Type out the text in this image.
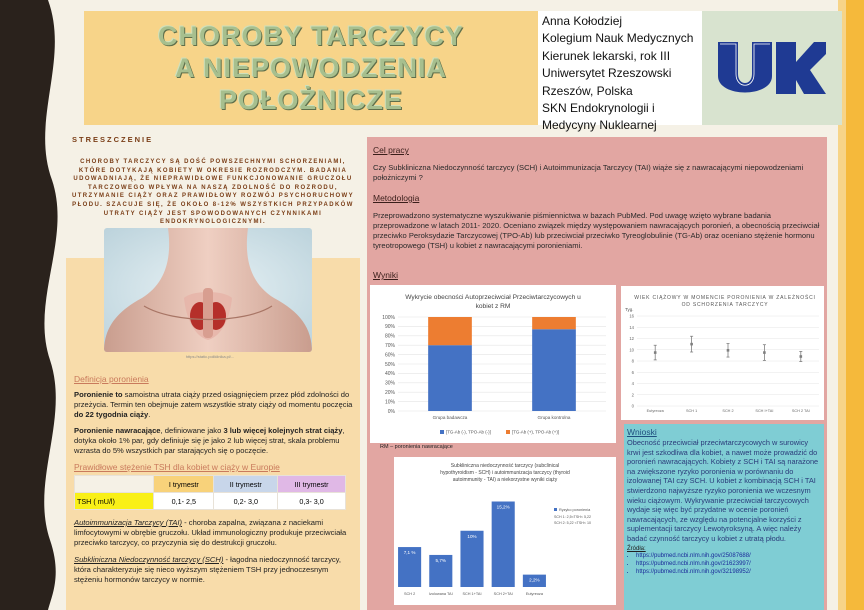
CHOROBY TARCZYCY
A NIEPOWODZENIA
POŁOŻNICZE
Anna Kołodziej
Kolegium Nauk Medycznych
Kierunek lekarski, rok III
Uniwersytet Rzeszowski
Rzeszów, Polska
SKN Endokrynologii i
Medycyny Nuklearnej
STRESZCZENIE

CHOROBY TARCZYCY SĄ DOŚĆ POWSZECHNYMI SCHORZENIAMI, KTÓRE DOTYKAJĄ KOBIETY W OKRESIE ROZRODCZYM. BADANIA UDOWADNIAJĄ, ŻE NIEPRAWIDŁOWE FUNKCJONOWANIE GRUCZOŁU TARCZOWEGO WPŁYWA NA NASZĄ ZDOLNOŚĆ DO ROZRODU, UTRZYMANIE CIĄŻY ORAZ PRAWIDŁOWY ROZWÓJ PSYCHORUCHOWY PŁODU. SZACUJE SIĘ, ŻE OKOŁO 8-12% WSZYSTKICH PRZYPADKÓW UTRATY CIĄŻY JEST SPOWODOWANYCH CZYNNIKAMI ENDOKRYNOLOGICZNYMI.

https://static.poliklinika.pl/...
Definicja poronienia
Poronienie to samoistna utrata ciąży przed osiągnięciem przez płód zdolności do przeżycia. Termin ten obejmuje zatem wszystkie straty ciąży od momentu poczęcia do 22 tygodnia ciąży.
Poronienie nawracające, definiowane jako 3 lub więcej kolejnych strat ciąży, dotyka około 1% par, gdy definiuje się je jako 2 lub więcej strat, skala problemu wzrasta do 5% wszystkich par starających się o poczęcie.
Prawidłowe stężenie TSH dla kobiet w ciąży w Europie
	I trymestr	II trymestr	III trymestr
TSH ( mU/l)	0,1- 2,5	0,2- 3,0	0,3- 3,0
Autoimmunizacja Tarczycy (TAI) - choroba zapalna, związana z naciekami limfocytowymi w obrębie gruczołu. Układ immunologiczny produkuje przeciwciała przeciwko tarczycy, co przyczynia się do destrukcji gruczołu.
Subkliniczna Niedoczynność tarczycy (SCH) - łagodna niedoczynność tarczycy, która charakteryzuje się nieco wyższym stężeniem TSH przy jednoczesnym stężeniu hormonów tarczycy w normie.
Cel pracy
Czy Subkliniczna Niedoczynność tarczycy (SCH) i Autoimmunizacja Tarczycy (TAI) wiąże się z nawracającymi niepowodzeniami położniczymi ?
Metodologia
Przeprowadzono systematyczne wyszukiwanie piśmiennictwa w bazach PubMed. Pod uwagę wzięto wybrane badania przeprowadzone w latach 2011- 2020. Oceniano związek między występowaniem nawracających poronień, a obecnością przeciwciał przeciwko Peroksydazie Tarczycowej (TPO-Ab) lub przeciwciał przeciwko Tyreoglobulinie (TG-Ab) oraz oceniano stężenie hormonu tyreotropowego (TSH) u kobiet z nawracającymi poronieniami.
Wyniki
Wykrycie obecności Autoprzeciwciał Przeciwtarczycowych u
kobiet z RM
0%
10%
20%
30%
40%
50%
60%
70%
80%
90%
100%
Grupa badawcza	Grupa kontrolna
[TG-Ab (-), TPO-Ab (-)]	[TG-Ab (+), TPO-Ab (+)]
RM – poronienia nawracające
WIEK CIĄŻOWY W MOMENCIE PORONIENIA W ZALEŻNOŚCI
OD SCHORZENIA TARCZYCY
Tyg.
0
2
4
6
8
10
12
14
16
Eutyreoza	SCH 1	SCH 2	SCH I+TAI	SCH 2 TAI
Subkliniczna niedoczynność tarczycy (subclinical
hypothyroidism - SCH) i autoimmunizacja tarczycy (thyroid
autoimmunity - TAI) a niekorzystne wyniki ciąży
7,1 %
SCH 2
5,7%
Izolowana TAI
10%
SCH 1+TAI
15,2%
SCH 2+TAI
2,2%
Eutyreoza
Ryzyko poronienia
SCH 1: 2,5<TSH< 5,22
SCH 2: 5,22 <TSH< 10
Wnioski
Obecność przeciwciał przeciwtarczycowych w surowicy krwi jest szkodliwa dla kobiet, a nawet może prowadzić do poronień nawracających. Kobiety z SCH i TAI są narażone na zwiększone ryzyko poronienia w porównaniu do izolowanej TAI czy SCH. U kobiet z kombinacją SCH i TAI stwierdzono najwyższe ryzyko poronienia we wczesnym wieku ciążowym. Wykrywanie przeciwciał tarczycowych wydaje się więc być przydatne w ocenie poronień nawracających, ze względu na potencjalne korzyści z suplementacji tarczycy Lewotyroksyną. A więc należy badać czynność tarczycy u kobiet z utratą płodu.
Źródła:
• https://pubmed.ncbi.nlm.nih.gov/25087688/
• https://pubmed.ncbi.nlm.nih.gov/21623997/
• https://pubmed.ncbi.nlm.nih.gov/32198952/
